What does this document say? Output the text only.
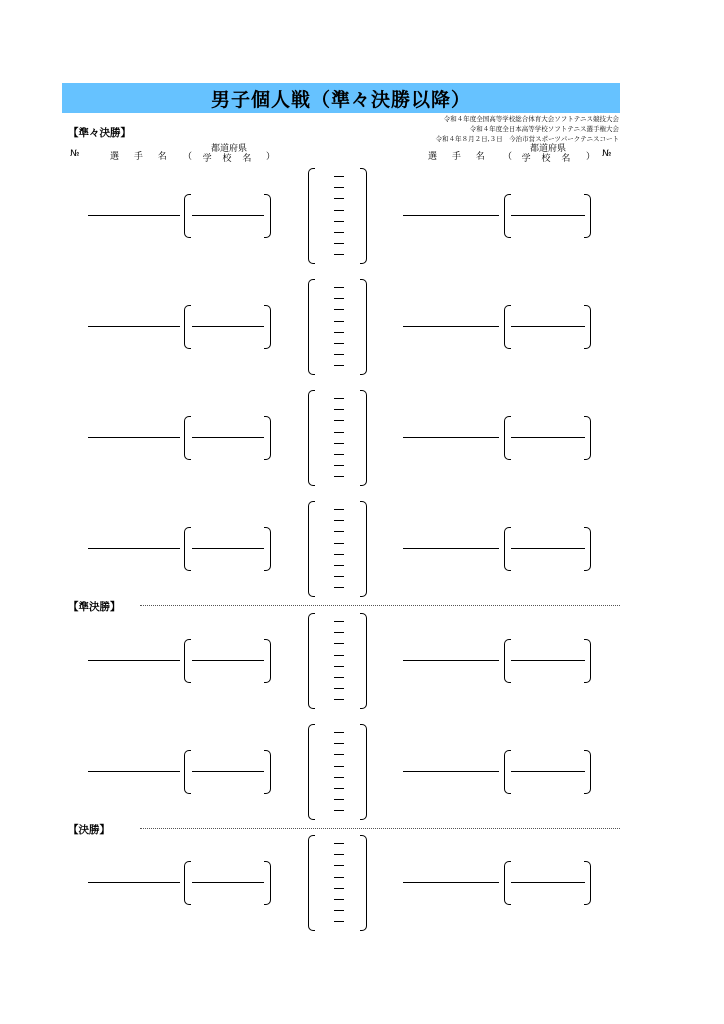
男子個人戦（準々決勝以降）
令和４年度全国高等学校総合体育大会ソフトテニス競技大会
令和４年度全日本高等学校ソフトテニス選手権大会
令和４年８月２日,３日　今治市営スポーツパークテニスコート
【準々決勝】
【準決勝】
【決勝】
№	選 手 名 （
都道府県
学 校 名	）	選 手 名 （
都道府県
学 校 名	） №
